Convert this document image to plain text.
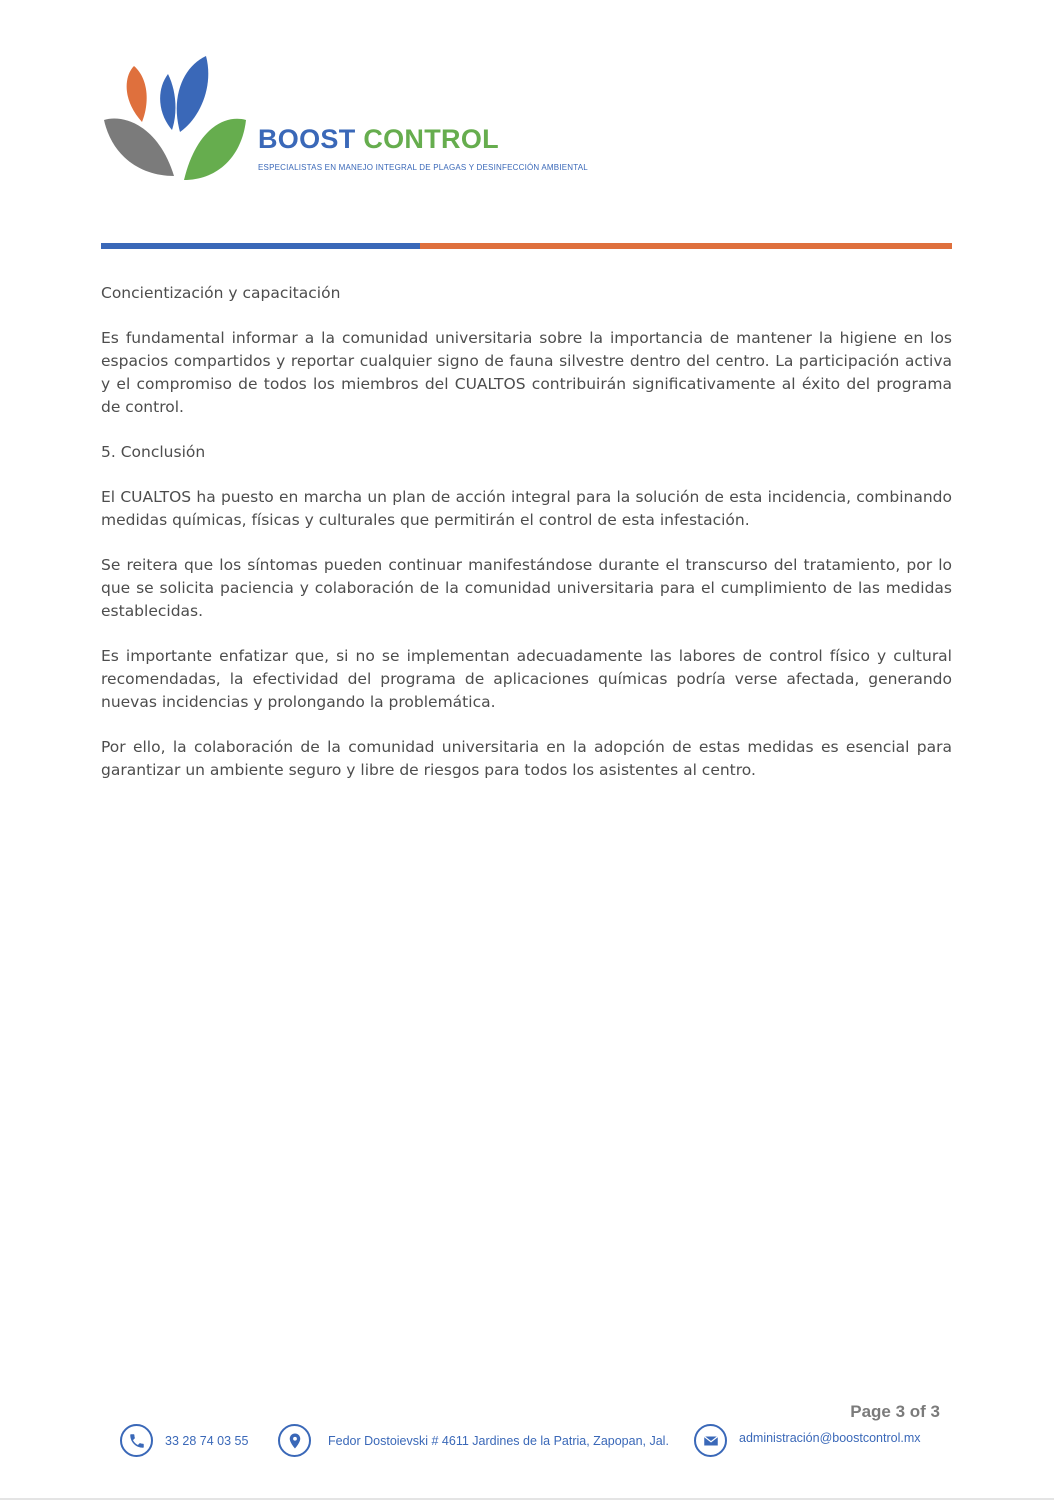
BOOST CONTROL
ESPECIALISTAS EN MANEJO INTEGRAL DE PLAGAS Y DESINFECCIÓN AMBIENTAL

Concientización y capacitación

Es fundamental informar a la comunidad universitaria sobre la importancia de mantener la higiene en los espacios compartidos y reportar cualquier signo de fauna silvestre dentro del centro. La participación activa y el compromiso de todos los miembros del CUALTOS contribuirán significativamente al éxito del programa de control.

5. Conclusión

El CUALTOS ha puesto en marcha un plan de acción integral para la solución de esta incidencia, combinando medidas químicas, físicas y culturales que permitirán el control de esta infestación.

Se reitera que los síntomas pueden continuar manifestándose durante el transcurso del tratamiento, por lo que se solicita paciencia y colaboración de la comunidad universitaria para el cumplimiento de las medidas establecidas.

Es importante enfatizar que, si no se implementan adecuadamente las labores de control físico y cultural recomendadas, la efectividad del programa de aplicaciones químicas podría verse afectada, generando nuevas incidencias y prolongando la problemática.

Por ello, la colaboración de la comunidad universitaria en la adopción de estas medidas es esencial para garantizar un ambiente seguro y libre de riesgos para todos los asistentes al centro.

Page 3 of 3
33 28 74 03 55	Fedor Dostoievski # 4611 Jardines de la Patria, Zapopan, Jal.	administración@boostcontrol.mx
